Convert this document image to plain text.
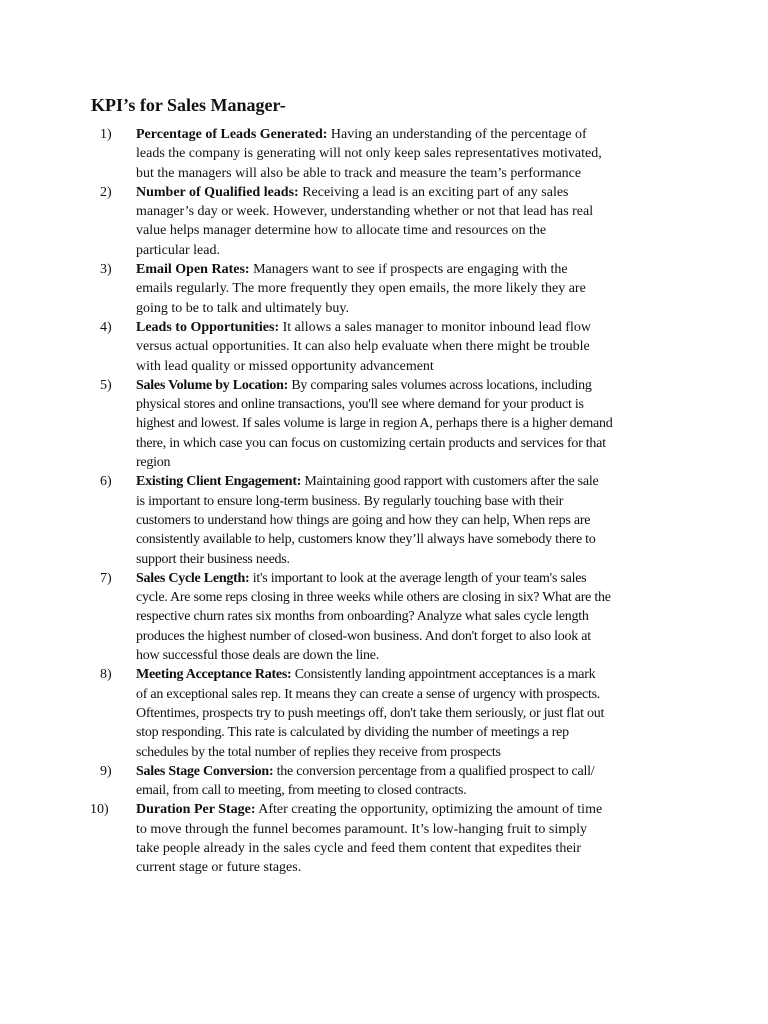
KPI’s for Sales Manager-
1)	Percentage of Leads Generated: Having an understanding of the percentage of
leads the company is generating will not only keep sales representatives motivated,
but the managers will also be able to track and measure the team’s performance
2)	Number of Qualified leads: Receiving a lead is an exciting part of any sales
manager’s day or week. However, understanding whether or not that lead has real
value helps manager determine how to allocate time and resources on the
particular lead.
3)	Email Open Rates: Managers want to see if prospects are engaging with the
emails regularly. The more frequently they open emails, the more likely they are
going to be to talk and ultimately buy.
4)	Leads to Opportunities: It allows a sales manager to monitor inbound lead flow
versus actual opportunities. It can also help evaluate when there might be trouble
with lead quality or missed opportunity advancement
5)	Sales Volume by Location: By comparing sales volumes across locations, including
physical stores and online transactions, you'll see where demand for your product is
highest and lowest. If sales volume is large in region A, perhaps there is a higher demand
there, in which case you can focus on customizing certain products and services for that
region
6)	Existing Client Engagement: Maintaining good rapport with customers after the sale
is important to ensure long-term business. By regularly touching base with their
customers to understand how things are going and how they can help, When reps are
consistently available to help, customers know they’ll always have somebody there to
support their business needs.
7)	Sales Cycle Length: it's important to look at the average length of your team's sales
cycle. Are some reps closing in three weeks while others are closing in six? What are the
respective churn rates six months from onboarding? Analyze what sales cycle length
produces the highest number of closed-won business. And don't forget to also look at
how successful those deals are down the line.
8)	Meeting Acceptance Rates: Consistently landing appointment acceptances is a mark
of an exceptional sales rep. It means they can create a sense of urgency with prospects.
Oftentimes, prospects try to push meetings off, don't take them seriously, or just flat out
stop responding. This rate is calculated by dividing the number of meetings a rep
schedules by the total number of replies they receive from prospects
9)	Sales Stage Conversion: the conversion percentage from a qualified prospect to call/
email, from call to meeting, from meeting to closed contracts.
10)	Duration Per Stage: After creating the opportunity, optimizing the amount of time
to move through the funnel becomes paramount. It’s low-hanging fruit to simply
take people already in the sales cycle and feed them content that expedites their
current stage or future stages.
